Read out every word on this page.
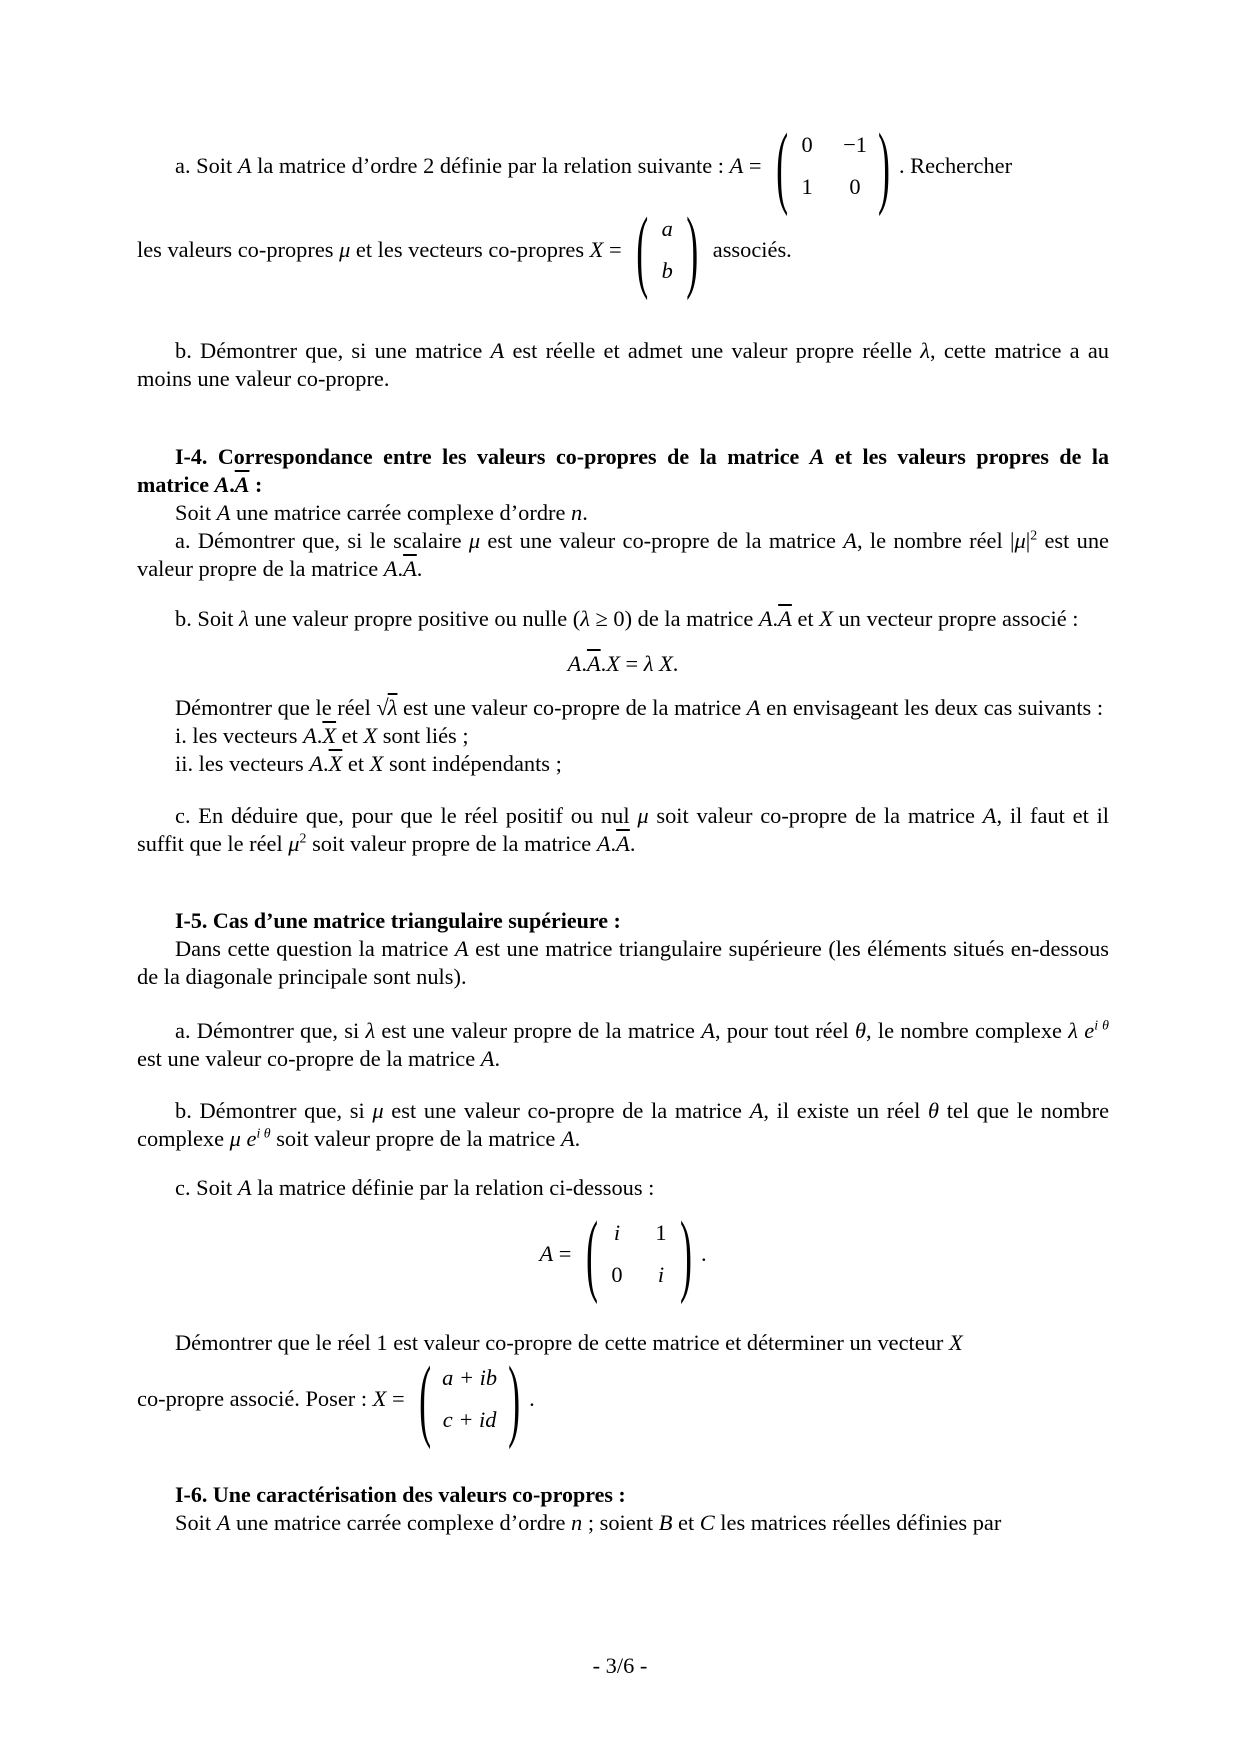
a. Soit A la matrice d’ordre 2 définie par la relation suivante : A = ( 0 −1
1 0 ) . Rechercher
les valeurs co-propres μ et les vecteurs co-propres X = ( a
b ) associés.
b. Démontrer que, si une matrice A est réelle et admet une valeur propre réelle λ, cette matrice a au moins une valeur co-propre.
I-4. Correspondance entre les valeurs co-propres de la matrice A et les valeurs propres de la matrice $A.\overline{A}$ :
Soit A une matrice carrée complexe d’ordre n.
a. Démontrer que, si le scalaire μ est une valeur co-propre de la matrice A, le nombre réel $|\mu|^2$ est une valeur propre de la matrice $A.\overline{A}$.
b. Soit λ une valeur propre positive ou nulle (λ ≥ 0) de la matrice $A.\overline{A}$ et X un vecteur propre associé :
$A.\overline{A}.X = \lambda$ X.
Démontrer que le réel √λ est une valeur co-propre de la matrice A en envisageant les deux cas suivants :
i. les vecteurs $A.\overline{X}$ et X sont liés ;
ii. les vecteurs $A.\overline{X}$ et X sont indépendants ;
c. En déduire que, pour que le réel positif ou nul μ soit valeur co-propre de la matrice A, il faut et il suffit que le réel $\mu^2$ soit valeur propre de la matrice $A.\overline{A}$.
I-5. Cas d’une matrice triangulaire supérieure :
Dans cette question la matrice A est une matrice triangulaire supérieure (les éléments situés en-dessous de la diagonale principale sont nuls).
a. Démontrer que, si λ est une valeur propre de la matrice A, pour tout réel θ, le nombre complexe λ $e^{i \theta}$ est une valeur co-propre de la matrice A.
b. Démontrer que, si μ est une valeur co-propre de la matrice A, il existe un réel θ tel que le nombre complexe μ $e^{i \theta}$ soit valeur propre de la matrice A.
c. Soit A la matrice définie par la relation ci-dessous :
A = ( i 1
0 i ) .
Démontrer que le réel 1 est valeur co-propre de cette matrice et déterminer un vecteur X
co-propre associé. Poser : X = ( a + ib
c + id ) .
I-6. Une caractérisation des valeurs co-propres :
Soit A une matrice carrée complexe d’ordre n ; soient B et C les matrices réelles définies par
- 3/6 -
